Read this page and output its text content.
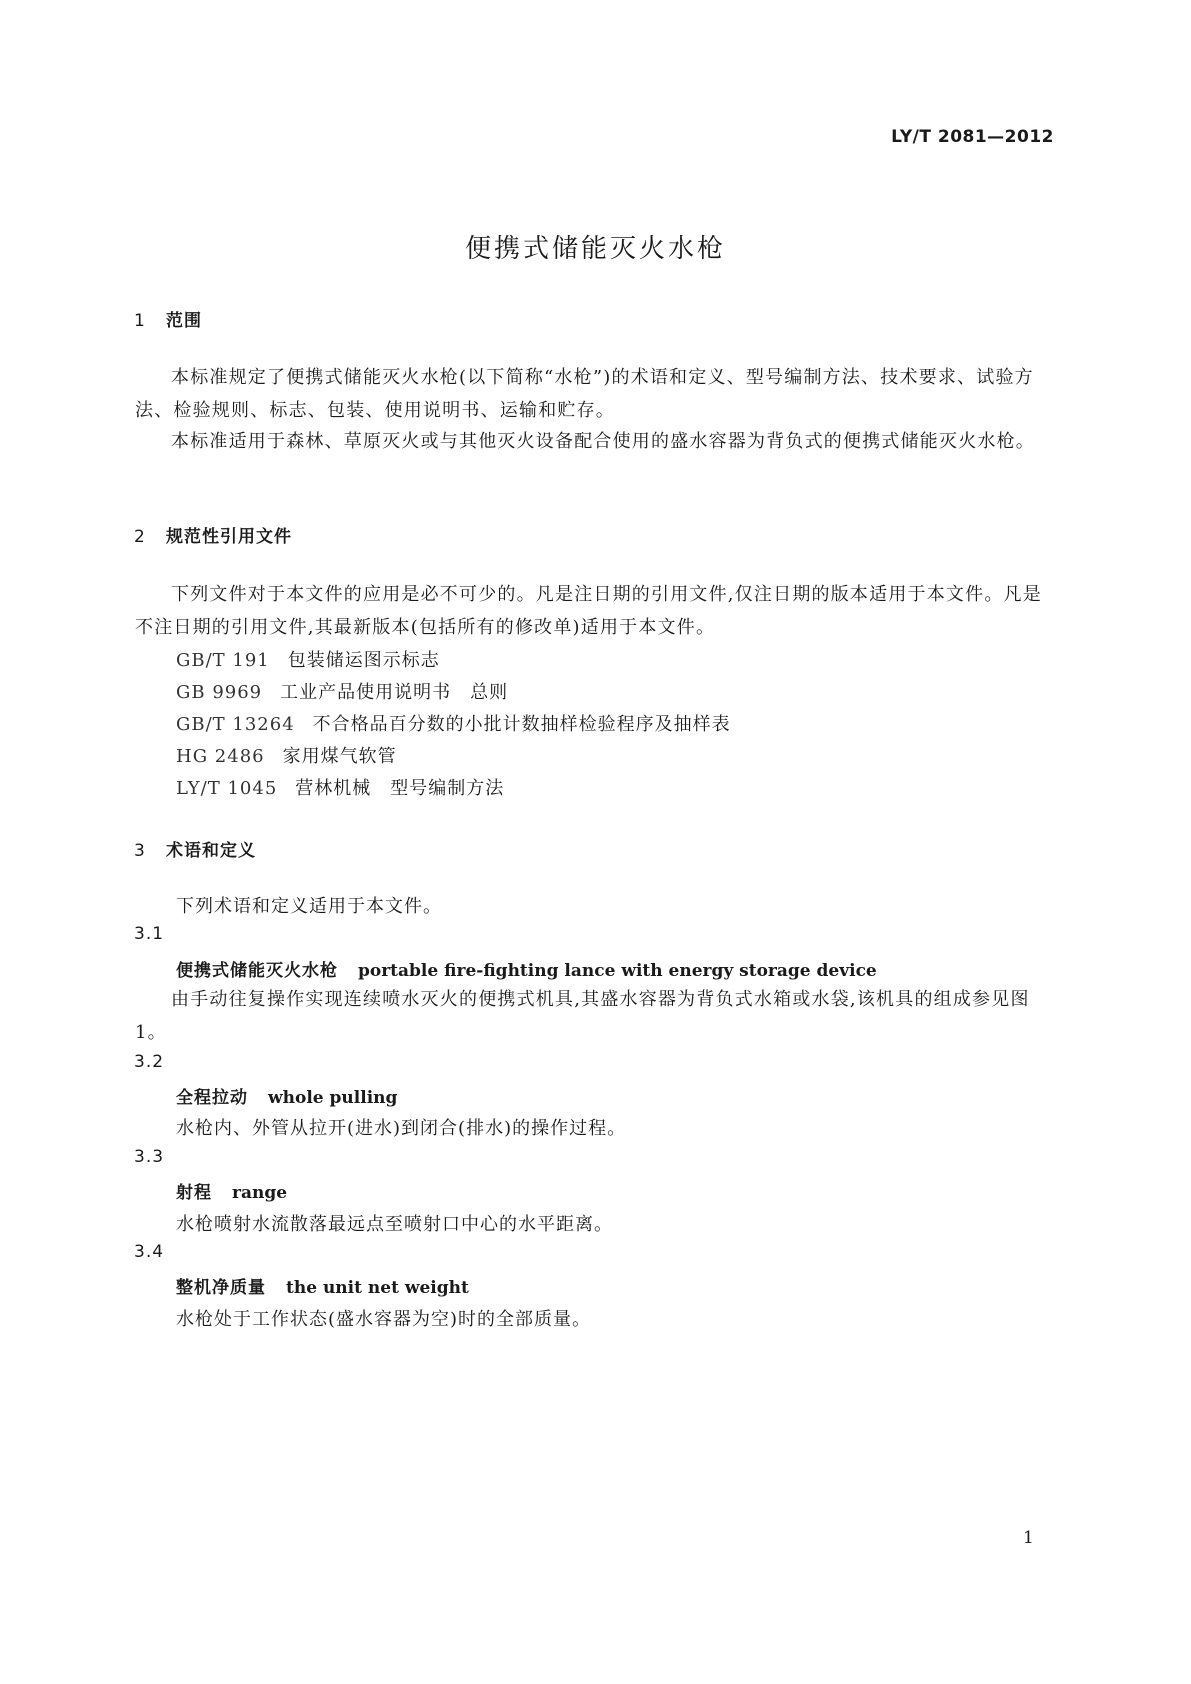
LY/T 2081—2012
便携式储能灭火水枪
1 范围
本标准规定了便携式储能灭火水枪(以下简称“水枪”)的术语和定义、型号编制方法、技术要求、试验方法、检验规则、标志、包装、使用说明书、运输和贮存。
本标准适用于森林、草原灭火或与其他灭火设备配合使用的盛水容器为背负式的便携式储能灭火水枪。
2 规范性引用文件
下列文件对于本文件的应用是必不可少的。凡是注日期的引用文件,仅注日期的版本适用于本文件。凡是不注日期的引用文件,其最新版本(包括所有的修改单)适用于本文件。
GB/T 191 包装储运图示标志
GB 9969 工业产品使用说明书　总则
GB/T 13264 不合格品百分数的小批计数抽样检验程序及抽样表
HG 2486 家用煤气软管
LY/T 1045 营林机械　型号编制方法
3 术语和定义
下列术语和定义适用于本文件。
3.1
便携式储能灭火水枪 portable fire-fighting lance with energy storage device
由手动往复操作实现连续喷水灭火的便携式机具,其盛水容器为背负式水箱或水袋,该机具的组成参见图 1。
3.2
全程拉动 whole pulling
水枪内、外管从拉开(进水)到闭合(排水)的操作过程。
3.3
射程 range
水枪喷射水流散落最远点至喷射口中心的水平距离。
3.4
整机净质量 the unit net weight
水枪处于工作状态(盛水容器为空)时的全部质量。
1
